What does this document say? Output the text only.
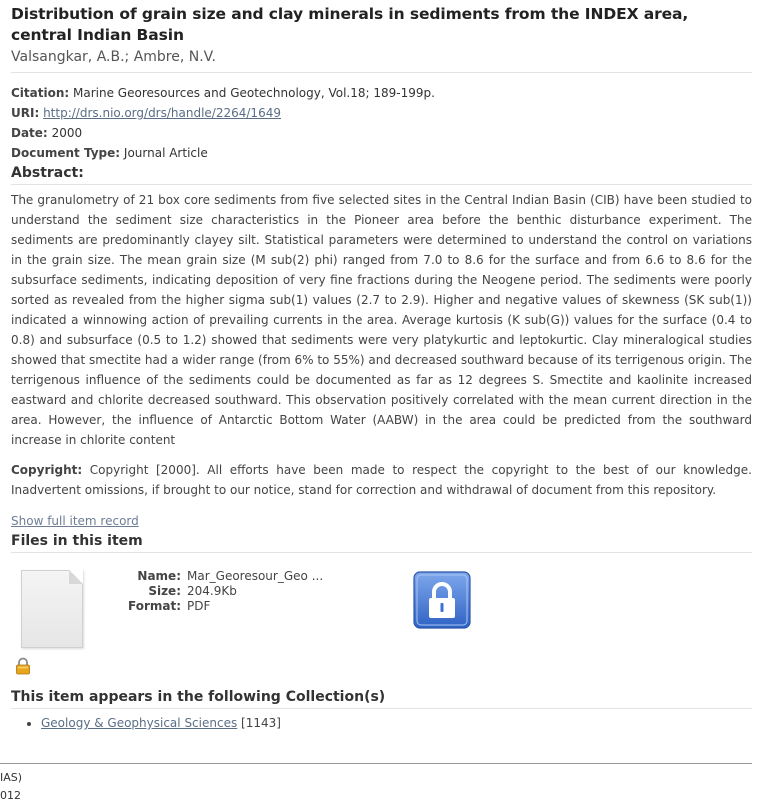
Distribution of grain size and clay minerals in sediments from the INDEX area, central Indian Basin
Valsangkar, A.B.; Ambre, N.V.
Citation: Marine Georesources and Geotechnology, Vol.18; 189-199p.
URI: http://drs.nio.org/drs/handle/2264/1649
Date: 2000
Document Type: Journal Article
Abstract:
The granulometry of 21 box core sediments from five selected sites in the Central Indian Basin (CIB) have been studied to understand the sediment size characteristics in the Pioneer area before the benthic disturbance experiment. The sediments are predominantly clayey silt. Statistical parameters were determined to understand the control on variations in the grain size. The mean grain size (M sub(2) phi) ranged from 7.0 to 8.6 for the surface and from 6.6 to 8.6 for the subsurface sediments, indicating deposition of very fine fractions during the Neogene period. The sediments were poorly sorted as revealed from the higher sigma sub(1) values (2.7 to 2.9). Higher and negative values of skewness (SK sub(1)) indicated a winnowing action of prevailing currents in the area. Average kurtosis (K sub(G)) values for the surface (0.4 to 0.8) and subsurface (0.5 to 1.2) showed that sediments were very platykurtic and leptokurtic. Clay mineralogical studies showed that smectite had a wider range (from 6% to 55%) and decreased southward because of its terrigenous origin. The terrigenous influence of the sediments could be documented as far as 12 degrees S. Smectite and kaolinite increased eastward and chlorite decreased southward. This observation positively correlated with the mean current direction in the area. However, the influence of Antarctic Bottom Water (AABW) in the area could be predicted from the southward increase in chlorite content
Copyright: Copyright [2000]. All efforts have been made to respect the copyright to the best of our knowledge. Inadvertent omissions, if brought to our notice, stand for correction and withdrawal of document from this repository.
Show full item record
Files in this item
Name: Mar_Georesour_Geo ...
Size: 204.9Kb
Format: PDF
This item appears in the following Collection(s)
• Geology & Geophysical Sciences [1143]
IAS)
012
